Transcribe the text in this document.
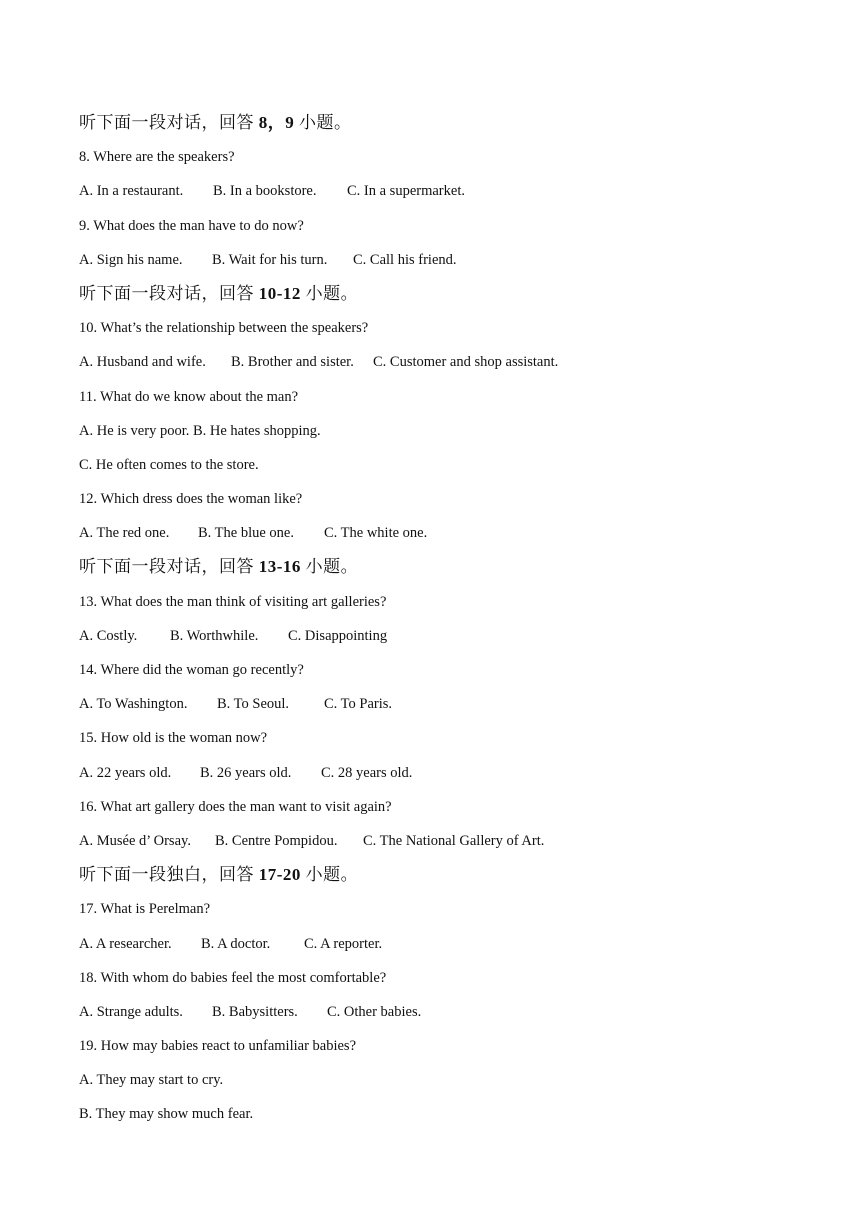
听下面一段对话，回答 8，9 小题。
8. Where are the speakers?
A. In a restaurant. B. In a bookstore. C. In a supermarket.
9. What does the man have to do now?
A. Sign his name. B. Wait for his turn. C. Call his friend.
听下面一段对话，回答 10-12 小题。
10. What’s the relationship between the speakers?
A. Husband and wife. B. Brother and sister. C. Customer and shop assistant.
11. What do we know about the man?
A. He is very poor. B. He hates shopping.
C. He often comes to the store.
12. Which dress does the woman like?
A. The red one. B. The blue one. C. The white one.
听下面一段对话，回答 13-16 小题。
13. What does the man think of visiting art galleries?
A. Costly. B. Worthwhile. C. Disappointing
14. Where did the woman go recently?
A. To Washington. B. To Seoul. C. To Paris.
15. How old is the woman now?
A. 22 years old. B. 26 years old. C. 28 years old.
16. What art gallery does the man want to visit again?
A. Musée d’ Orsay. B. Centre Pompidou. C. The National Gallery of Art.
听下面一段独白，回答 17-20 小题。
17. What is Perelman?
A. A researcher. B. A doctor. C. A reporter.
18. With whom do babies feel the most comfortable?
A. Strange adults. B. Babysitters. C. Other babies.
19. How may babies react to unfamiliar babies?
A. They may start to cry.
B. They may show much fear.
